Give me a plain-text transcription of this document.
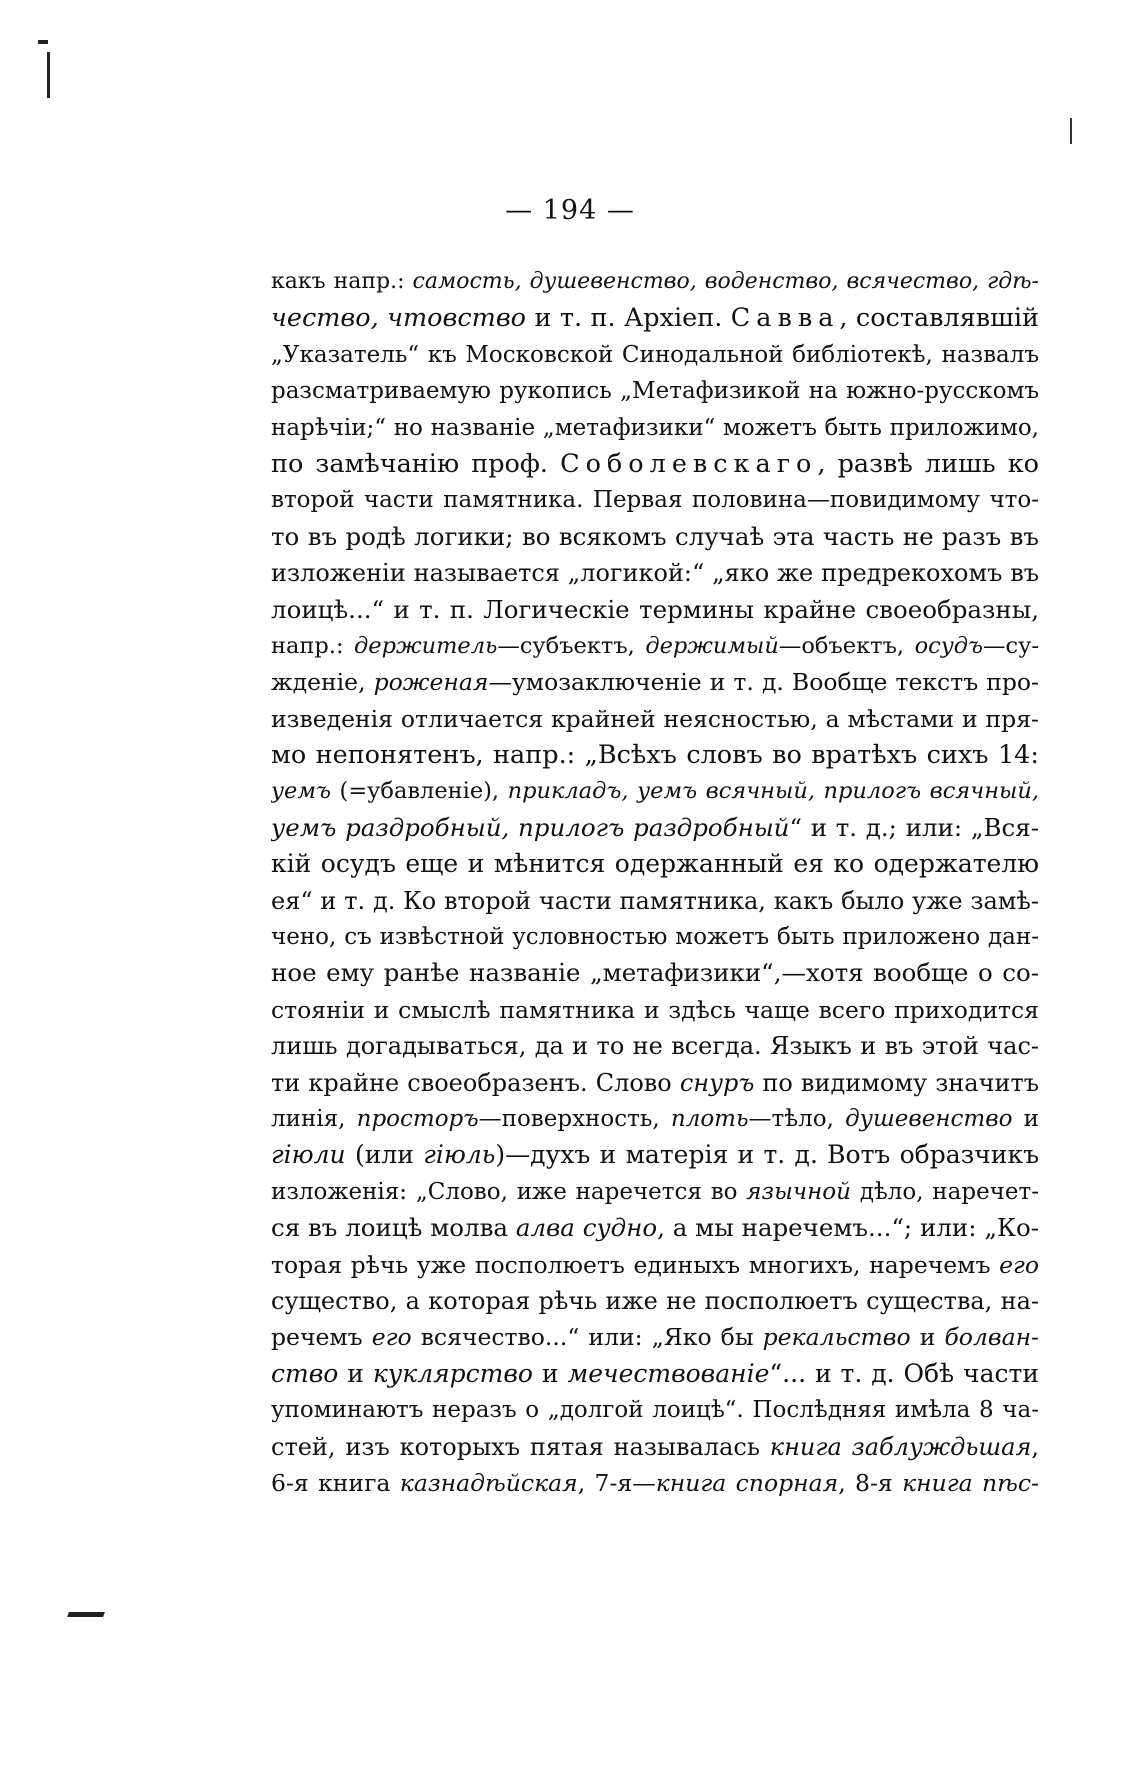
— 194 —
какъ напр.: самость, душевенство, воденство, всячество, гдѣ-
чество, чтовство и т. п. Архіеп. Савва, составлявшій
„Указатель“ къ Московской Синодальной библіотекѣ, назвалъ
разсматриваемую рукопись „Метафизикой на южно-русскомъ
нарѣчіи;“ но названіе „метафизики“ можетъ быть приложимо,
по замѣчанію проф. Соболевскаго, развѣ лишь ко
второй части памятника. Первая половина—повидимому что-
то въ родѣ логики; во всякомъ случаѣ эта часть не разъ въ
изложеніи называется „логикой:“ „яко же предрекохомъ въ
лоицѣ...“ и т. п. Логическіе термины крайне своеобразны,
напр.: держитель—субъектъ, держимый—объектъ, осудъ—су-
жденіе, роженая—умозаключеніе и т. д. Вообще текстъ про-
изведенія отличается крайней неясностью, а мѣстами и пря-
мо непонятенъ, напр.: „Всѣхъ словъ во вратѣхъ сихъ 14:
уемъ (=убавленіе), прикладъ, уемъ всячный, прилогъ всячный,
уемъ раздробный, прилогъ раздробный“ и т. д.; или: „Вся-
кій осудъ еще и мѣнится одержанный ея ко одержателю
ея“ и т. д. Ко второй части памятника, какъ было уже замѣ-
чено, съ извѣстной условностью можетъ быть приложено дан-
ное ему ранѣе названіе „метафизики“,—хотя вообще о со-
стояніи и смыслѣ памятника и здѣсь чаще всего приходится
лишь догадываться, да и то не всегда. Языкъ и въ этой час-
ти крайне своеобразенъ. Слово снуръ по видимому значитъ
линія, просторъ—поверхность, плоть—тѣло, душевенство и
гіюли (или гіюль)—духъ и матерія и т. д. Вотъ образчикъ
изложенія: „Слово, иже наречется во язычной дѣло, наречет-
ся въ лоицѣ молва алва судно, а мы наречемъ...“; или: „Ко-
торая рѣчь уже посполюетъ единыхъ многихъ, наречемъ его
существо, а которая рѣчь иже не посполюетъ существа, на-
речемъ его всячество...“ или: „Яко бы рекальство и болван-
ство и куклярство и мечествованіе“... и т. д. Обѣ части
упоминаютъ неразъ о „долгой лоицѣ“. Послѣдняя имѣла 8 ча-
стей, изъ которыхъ пятая называлась книга заблуждьшая,
6-я книга казнадѣйская, 7-я—книга спорная, 8-я книга пѣс-
